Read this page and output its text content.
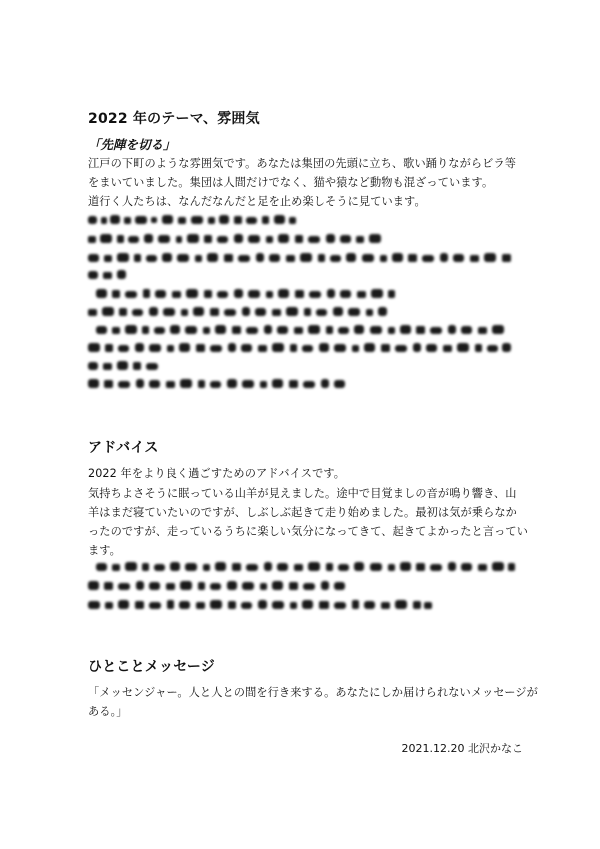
2022 年のテーマ、雰囲気
「先陣を切る」
江戸の下町のような雰囲気です。あなたは集団の先頭に立ち、歌い踊りながらビラ等
をまいていました。集団は人間だけでなく、猫や猿など動物も混ざっています。
道行く人たちは、なんだなんだと足を止め楽しそうに見ています。
アドバイス
2022 年をより良く過ごすためのアドバイスです。
気持ちよさそうに眠っている山羊が見えました。途中で目覚ましの音が鳴り響き、山
羊はまだ寝ていたいのですが、しぶしぶ起きて走り始めました。最初は気が乗らなか
ったのですが、走っているうちに楽しい気分になってきて、起きてよかったと言ってい
ます。
ひとことメッセージ
「メッセンジャー。人と人との間を行き来する。あなたにしか届けられないメッセージが
ある。」
2021.12.20 北沢かなこ
